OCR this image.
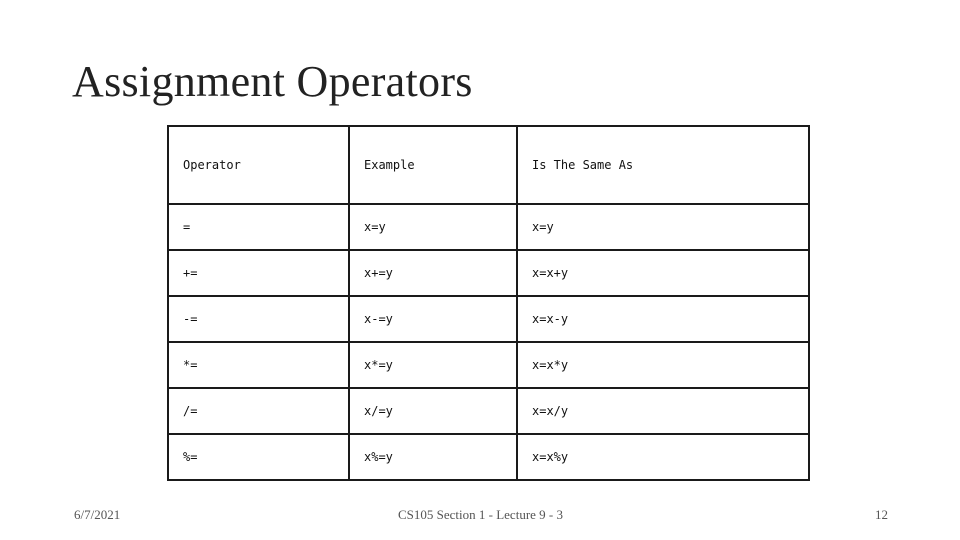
Assignment Operators
Operator	Example	Is The Same As
=	x=y	x=y
+=	x+=y	x=x+y
-=	x-=y	x=x-y
*=	x*=y	x=x*y
/=	x/=y	x=x/y
%=	x%=y	x=x%y
6/7/2021	CS105 Section 1 - Lecture 9 - 3	12
